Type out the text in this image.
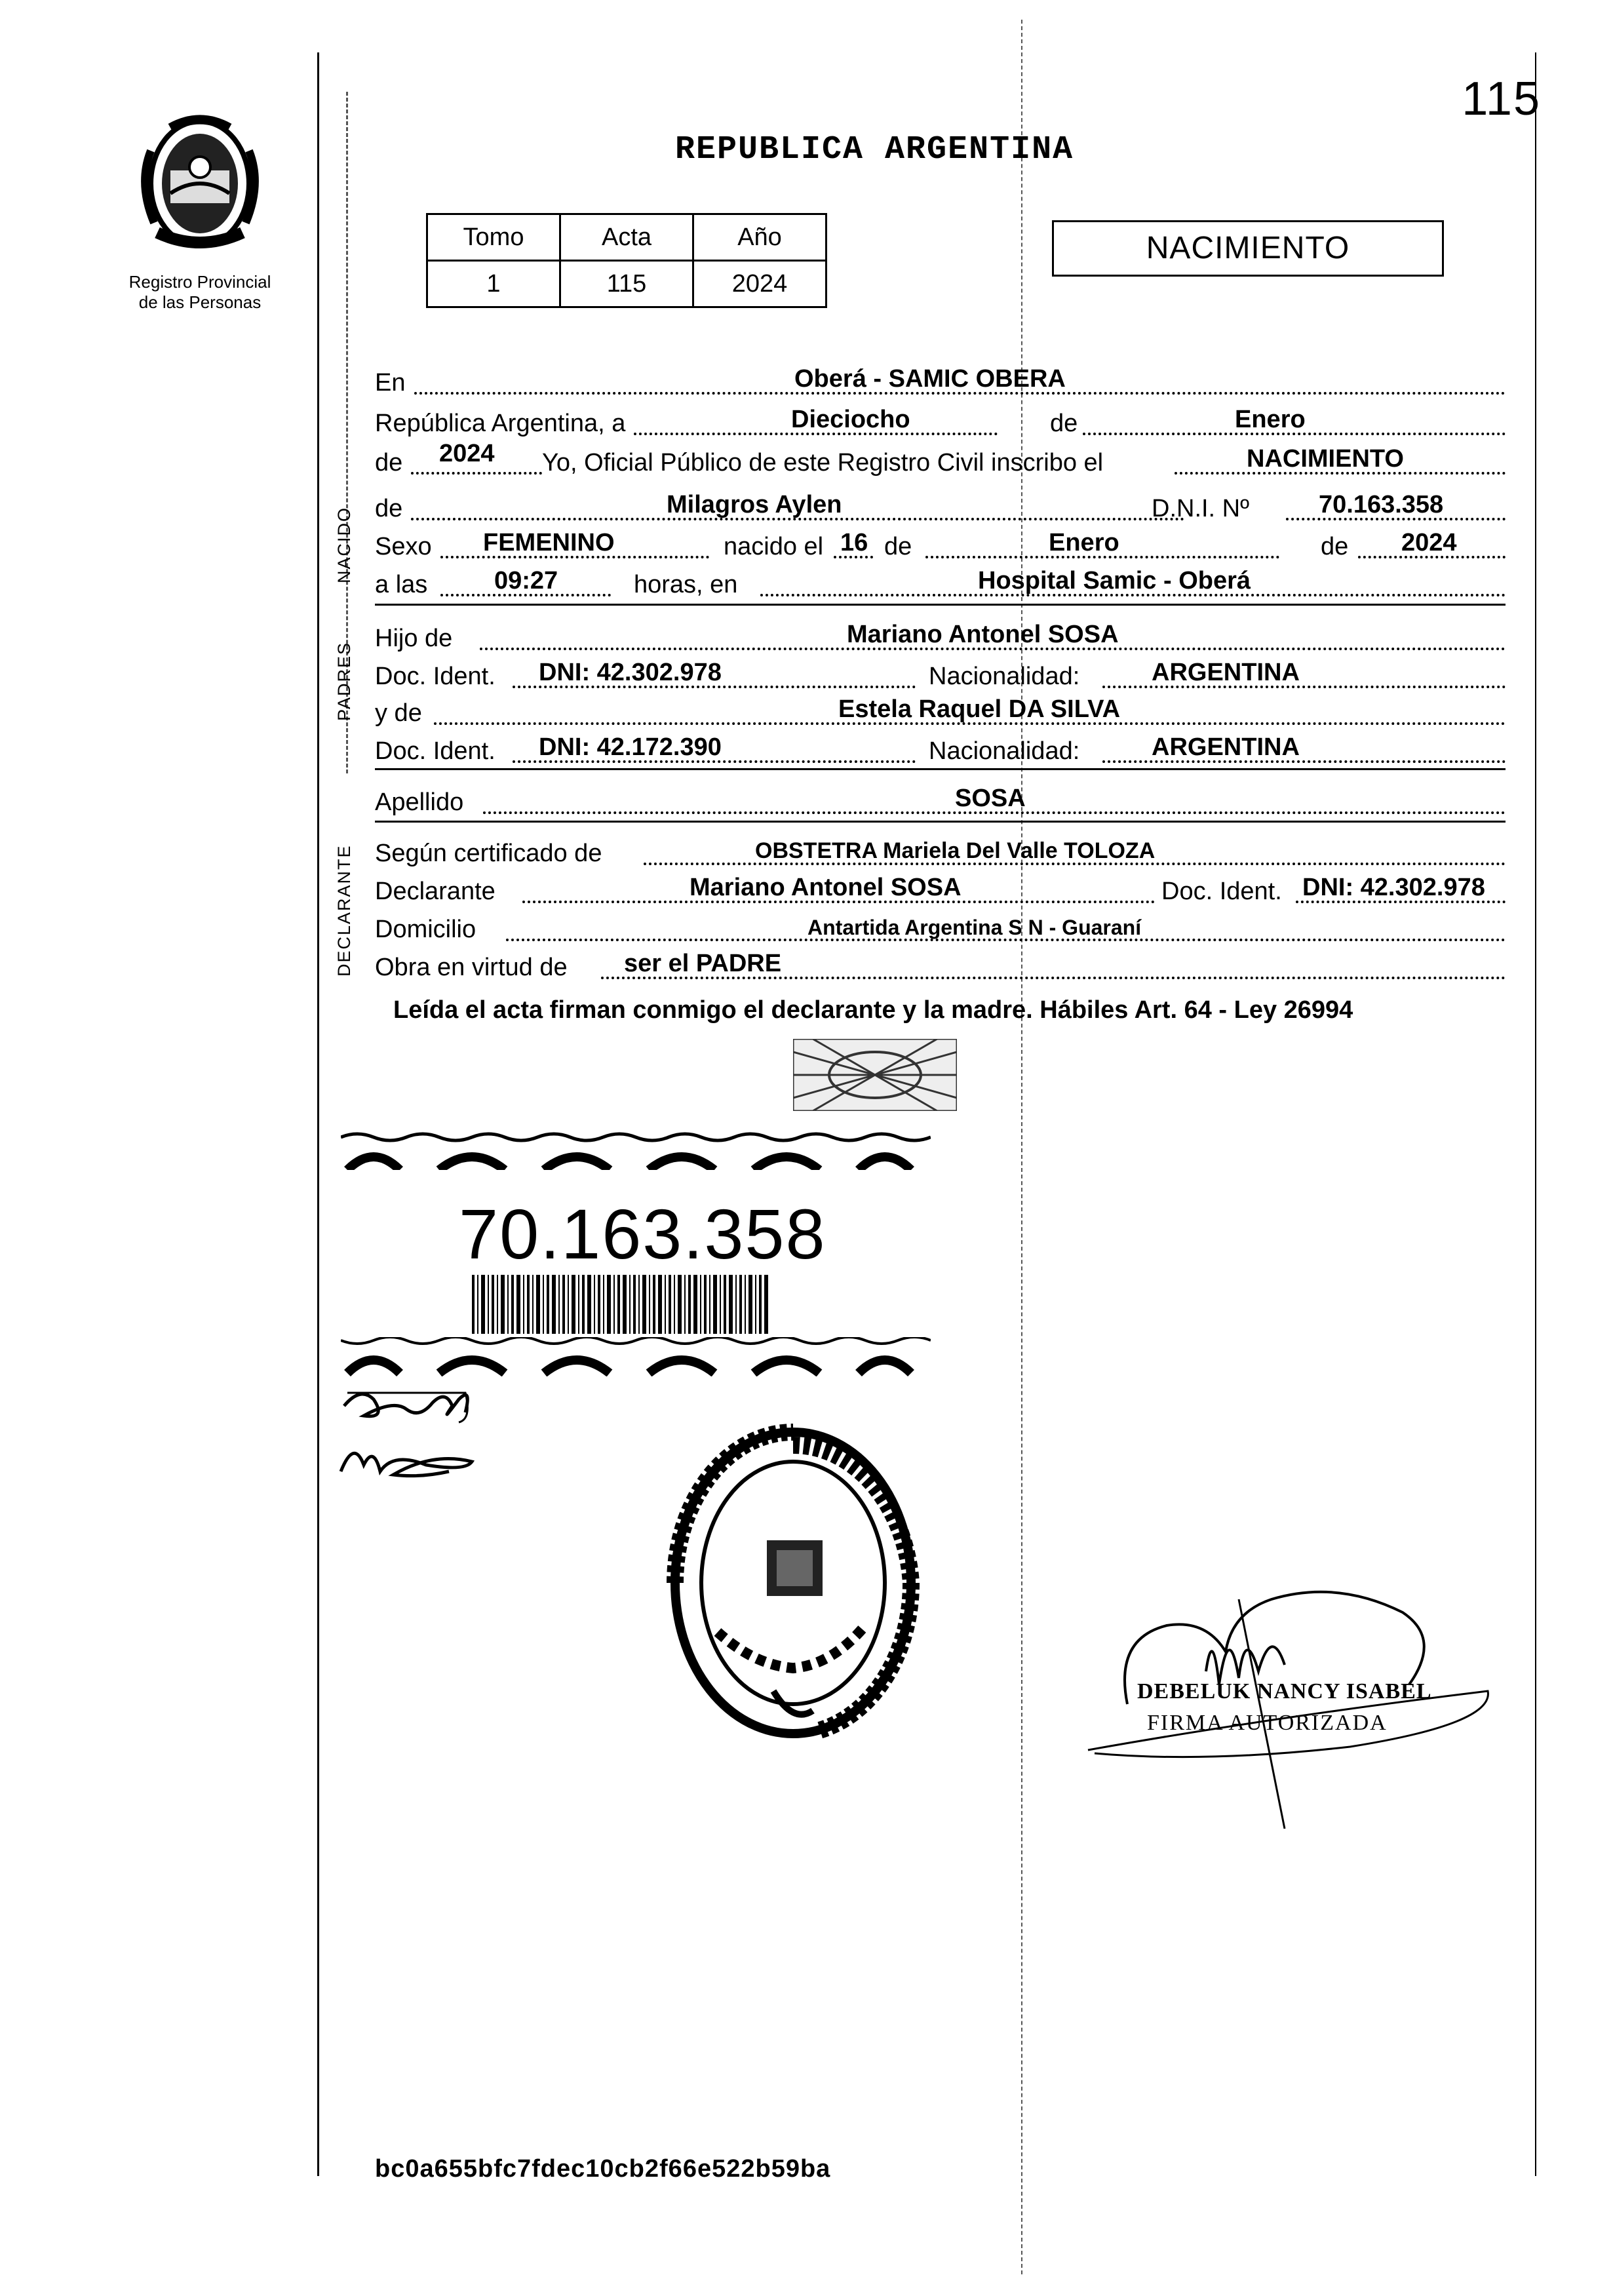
Registro Provincial
de las Personas
115
REPUBLICA ARGENTINA
Tomo	Acta	Año
1	115	2024
NACIMIENTO
NACIDO
PADRES
DECLARANTE
En	Oberá - SAMIC OBERA
República Argentina, a	Dieciocho	de	Enero
de 2024 Yo, Oficial Público de este Registro Civil inscribo el	NACIMIENTO
de	Milagros Aylen	D.N.I. Nº	70.163.358
Sexo FEMENINO	nacido el 16 de	Enero	de 2024
a las	09:27	horas, en	Hospital Samic - Oberá
Hijo de	Mariano Antonel SOSA
Doc. Ident. DNI: 42.302.978	Nacionalidad:	ARGENTINA
y de	Estela Raquel DA SILVA
Doc. Ident. DNI: 42.172.390	Nacionalidad:	ARGENTINA
Apellido	SOSA
Según certificado de	OBSTETRA Mariela Del Valle TOLOZA
Declarante	Mariano Antonel SOSA	Doc. Ident. DNI: 42.302.978
Domicilio	Antartida Argentina S N - Guaraní
Obra en virtud de ser el PADRE
Leída el acta firman conmigo el declarante y la madre. Hábiles Art. 64 - Ley 26994
70.163.358
DEBELUK NANCY ISABEL
FIRMA AUTORIZADA
bc0a655bfc7fdec10cb2f66e522b59ba
